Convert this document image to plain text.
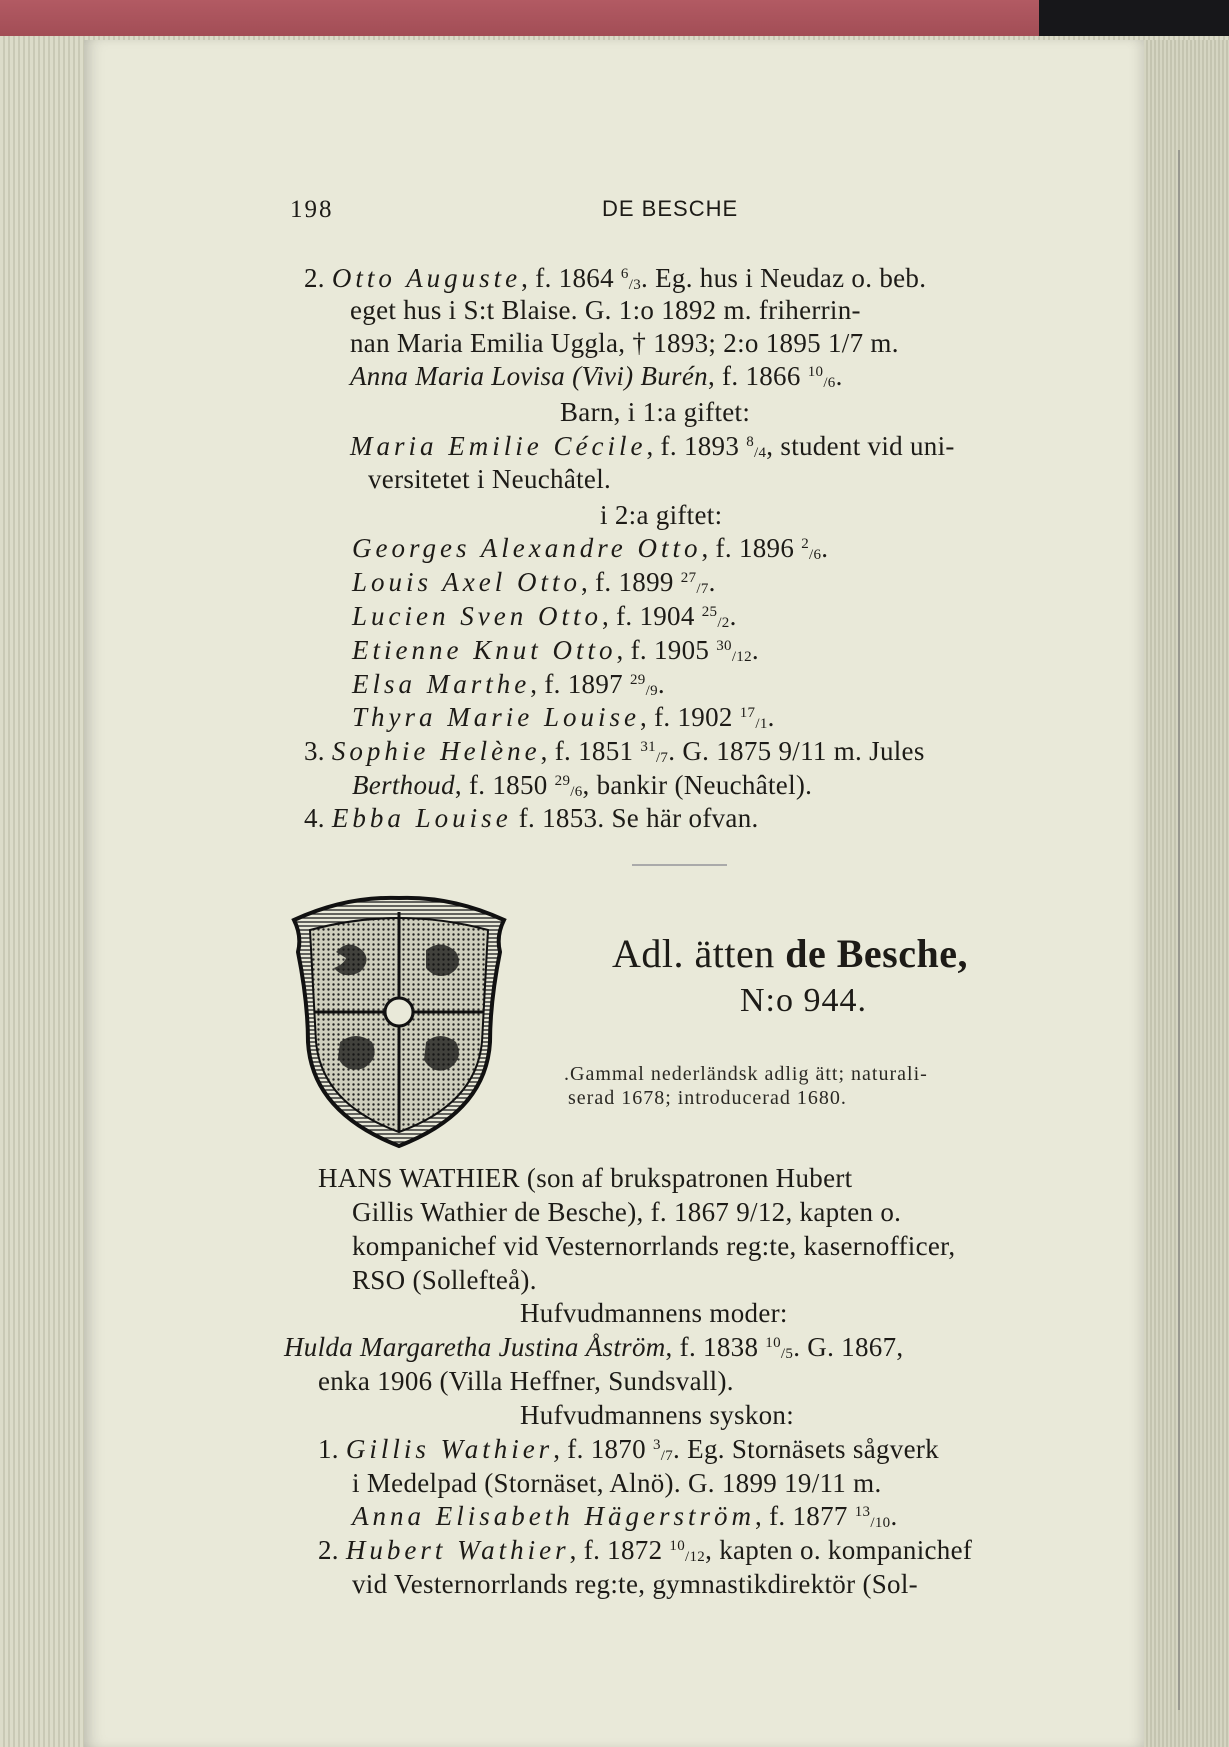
198	DE BESCHE
2. Otto Auguste, f. 1864 $^6_{/3}$. Eg. hus i Neudaz o. beb.
eget hus i S:t Blaise. G. 1:o 1892 m. friherrin-
nan Maria Emilia Uggla, † 1893; 2:o 1895 1/7 m.
Anna Maria Lovisa (Vivi) Burén, f. 1866 $^{10}_{/6}$.
Barn, i 1:a giftet:
Maria Emilie Cécile, f. 1893 $^8_{/4}$, student vid uni-
versitetet i Neuchâtel.
i 2:a giftet:
Georges Alexandre Otto, f. 1896 $^2_{/6}$.
Louis Axel Otto, f. 1899 $^{27}_{/7}$.
Lucien Sven Otto, f. 1904 $^{25}_{/2}$.
Etienne Knut Otto, f. 1905 $^{30}_{/12}$.
Elsa Marthe, f. 1897 $^{29}_{/9}$.
Thyra Marie Louise, f. 1902 $^{17}_{/1}$.
3. Sophie Helène, f. 1851 $^{31}_{/7}$. G. 1875 9/11 m. Jules
Berthoud, f. 1850 $^{29}_{/6}$, bankir (Neuchâtel).
4. Ebba Louise f. 1853. Se här ofvan.
Adl. ätten de Besche,
N:o 944.
.Gammal nederländsk adlig ätt; naturali-
serad 1678; introducerad 1680.
HANS WATHIER (son af brukspatronen Hubert
Gillis Wathier de Besche), f. 1867 9/12, kapten o.
kompanichef vid Vesternorrlands reg:te, kasernofficer,
RSO (Sollefteå).
Hufvudmannens moder:
Hulda Margaretha Justina Åström, f. 1838 $^{10}_{/5}$. G. 1867,
enka 1906 (Villa Heffner, Sundsvall).
Hufvudmannens syskon:
1. Gillis Wathier, f. 1870 $^3_{/7}$. Eg. Stornäsets sågverk
i Medelpad (Stornäset, Alnö). G. 1899 19/11 m.
Anna Elisabeth Hägerström, f. 1877 $^{13}_{/10}$.
2. Hubert Wathier, f. 1872 $^{10}_{/12}$, kapten o. kompanichef
vid Vesternorrlands reg:te, gymnastikdirektör (Sol-
